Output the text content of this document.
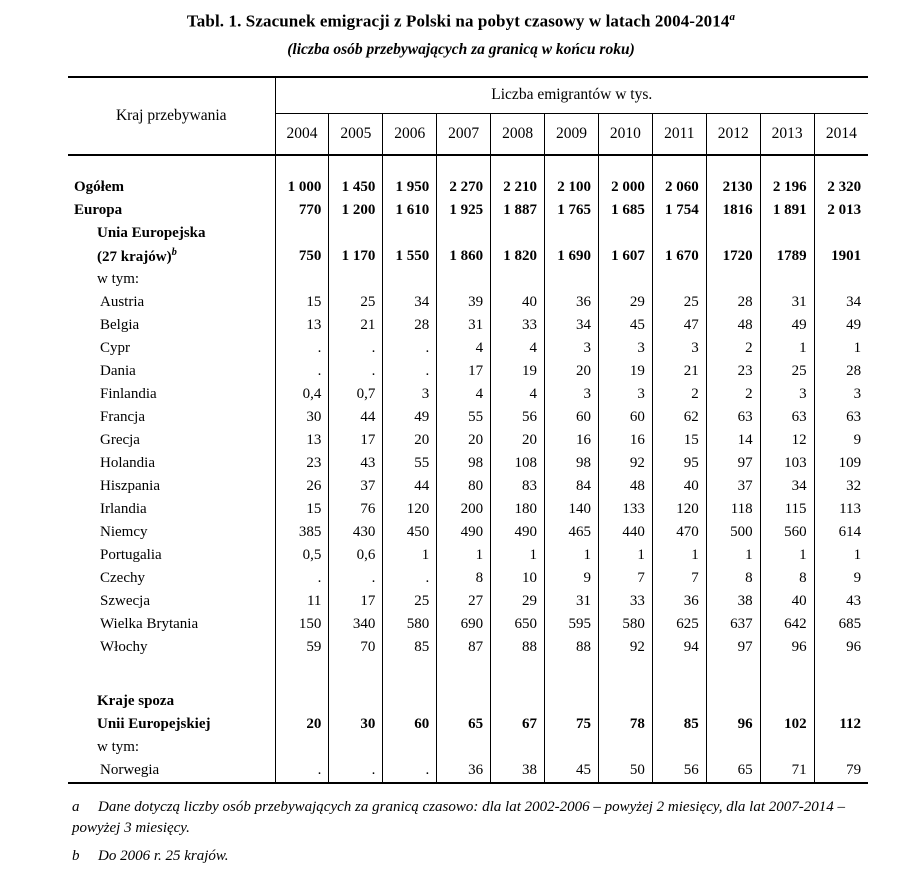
Tabl. 1. Szacunek emigracji z Polski na pobyt czasowy w latach 2004-2014$^a$
(liczba osób przebywających za granicą w końcu roku)
Kraj przebywania	Liczba emigrantów w tys.										
	2004	2005	2006	2007	2008	2009	2010	2011	2012	2013	2014

Ogółem	1 000	1 450	1 950	2 270	2 210	2 100	2 000	2 060	2130	2 196	2 320
Europa	770	1 200	1 610	1 925	1 887	1 765	1 685	1 754	1816	1 891	2 013
Unia Europejska											
(27 krajów)$^b$	750	1 170	1 550	1 860	1 820	1 690	1 607	1 670	1720	1789	1901
w tym:											
Austria	15	25	34	39	40	36	29	25	28	31	34
Belgia	13	21	28	31	33	34	45	47	48	49	49
Cypr	.	.	.	4	4	3	3	3	2	1	1
Dania	.	.	.	17	19	20	19	21	23	25	28
Finlandia	0,4	0,7	3	4	4	3	3	2	2	3	3
Francja	30	44	49	55	56	60	60	62	63	63	63
Grecja	13	17	20	20	20	16	16	15	14	12	9
Holandia	23	43	55	98	108	98	92	95	97	103	109
Hiszpania	26	37	44	80	83	84	48	40	37	34	32
Irlandia	15	76	120	200	180	140	133	120	118	115	113
Niemcy	385	430	450	490	490	465	440	470	500	560	614
Portugalia	0,5	0,6	1	1	1	1	1	1	1	1	1
Czechy	.	.	.	8	10	9	7	7	8	8	9
Szwecja	11	17	25	27	29	31	33	36	38	40	43
Wielka Brytania	150	340	580	690	650	595	580	625	637	642	685
Włochy	59	70	85	87	88	88	92	94	97	96	96

Kraje spoza											
Unii Europejskiej	20	30	60	65	67	75	78	85	96	102	112
w tym:											
Norwegia	.	.	.	36	38	45	50	56	65	71	79
a Dane dotyczą liczby osób przebywających za granicą czasowo: dla lat 2002-2006 – powyżej 2 miesięcy, dla lat 2007-2014 – powyżej 3 miesięcy.
b Do 2006 r. 25 krajów.
